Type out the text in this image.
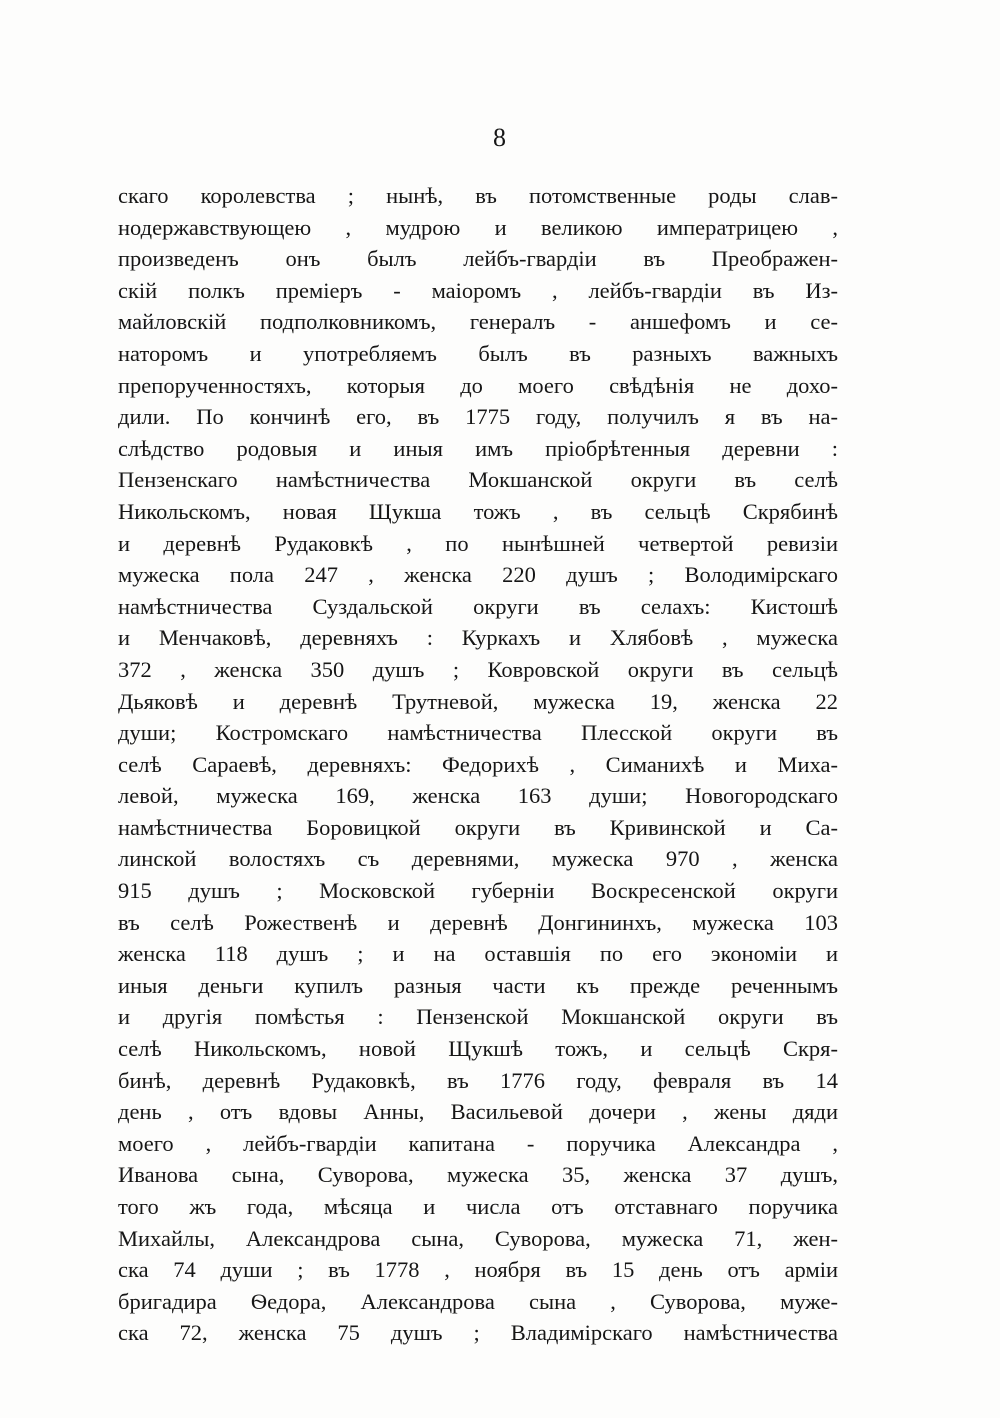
8
скаго королевства ; нынѣ, въ потомственные роды слав-
нодержавствующею , мудрою и великою императрицею ,
произведенъ онъ былъ лейбъ-гвардіи въ Преображен-
скій полкъ премiеръ - маіоромъ , лейбъ-гвардіи въ Из-
майловскій подполковникомъ, генералъ - аншефомъ и се-
наторомъ и употребляемъ былъ въ разныхъ важныхъ
препорученностяхъ, которыя до моего свѣдѣнія не дохо-
дили. По кончинѣ его, въ 1775 году, получилъ я въ на-
слѣдство родовыя и иныя имъ пріобрѣтенныя деревни :
Пензенскаго намѣстничества Мокшанской округи въ селѣ
Никольскомъ, новая Щукша тожъ , въ сельцѣ Скрябинѣ
и деревнѣ Рудаковкѣ , по нынѣшней четвертой ревизіи
мужеска пола 247 , женска 220 душъ ; Володимірскаго
намѣстничества Суздальской округи въ селахъ: Кистошѣ
и Менчаковѣ, деревняхъ : Куркахъ и Хлябовѣ , мужеска
372 , женска 350 душъ ; Ковровской округи въ сельцѣ
Дьяковѣ и деревнѣ Трутневой, мужеска 19, женска 22
души; Костромскаго намѣстничества Плесской округи въ
селѣ Сараевѣ, деревняхъ: Федорихѣ , Симанихѣ и Миха-
левой, мужеска 169, женска 163 души; Новогородскаго
намѣстничества Боровицкой округи въ Кривинской и Са-
линской волостяхъ съ деревнями, мужеска 970 , женска
915 душъ ; Московской губерніи Воскресенской округи
въ селѣ Рожественѣ и деревнѣ Донгининхъ, мужеска 103
женска 118 душъ ; и на оставшія по его экономіи и
иныя деньги купилъ разныя части къ прежде реченнымъ
и другія помѣстья : Пензенской Мокшанской округи въ
селѣ Никольскомъ, новой Щукшѣ тожъ, и сельцѣ Скря-
бинѣ, деревнѣ Рудаковкѣ, въ 1776 году, февраля въ 14
день , отъ вдовы Анны, Васильевой дочери , жены дяди
моего , лейбъ-гвардіи капитана - поручика Александра ,
Иванова сына, Суворова, мужеска 35, женска 37 душъ,
того жъ года, мѣсяца и числа отъ отставнаго поручика
Михайлы, Александрова сына, Суворова, мужеска 71, жен-
ска 74 души ; въ 1778 , ноября въ 15 день отъ арміи
бригадира Ѳедора, Александрова сына , Суворова, муже-
ска 72, женска 75 душъ ; Владимірскаго намѣстничества
